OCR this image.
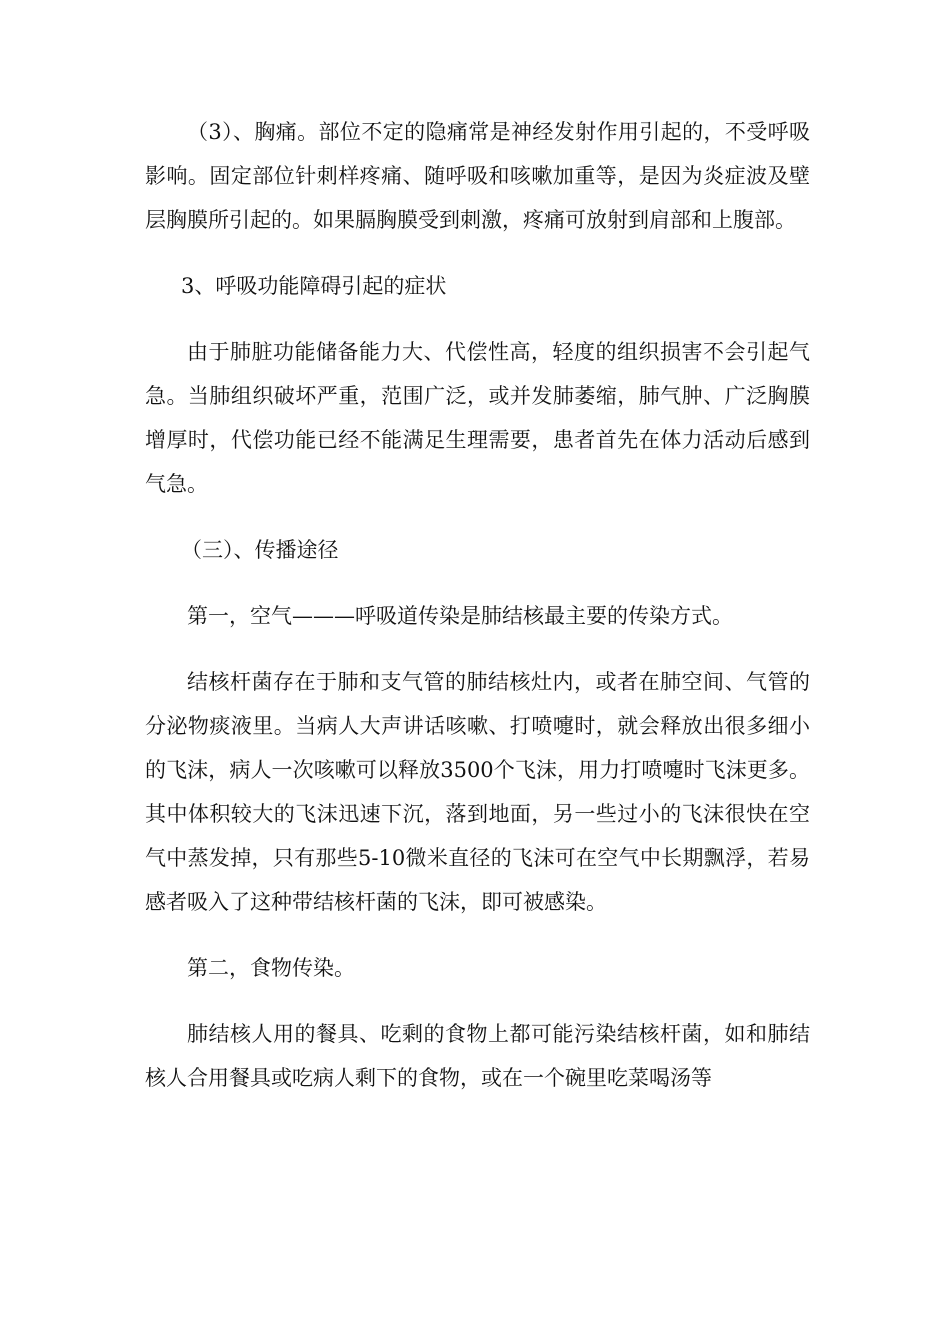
（3）、胸痛。部位不定的隐痛常是神经发射作用引起的，不受呼吸影响。固定部位针刺样疼痛、随呼吸和咳嗽加重等，是因为炎症波及壁层胸膜所引起的。如果膈胸膜受到刺激，疼痛可放射到肩部和上腹部。

3、呼吸功能障碍引起的症状

由于肺脏功能储备能力大、代偿性高，轻度的组织损害不会引起气急。当肺组织破坏严重，范围广泛，或并发肺萎缩，肺气肿、广泛胸膜增厚时，代偿功能已经不能满足生理需要，患者首先在体力活动后感到气急。

（三）、传播途径

第一，空气———呼吸道传染是肺结核最主要的传染方式。

结核杆菌存在于肺和支气管的肺结核灶内，或者在肺空间、气管的分泌物痰液里。当病人大声讲话咳嗽、打喷嚏时，就会释放出很多细小的飞沫，病人一次咳嗽可以释放3500个飞沫，用力打喷嚏时飞沫更多。其中体积较大的飞沫迅速下沉，落到地面，另一些过小的飞沫很快在空气中蒸发掉，只有那些5-10微米直径的飞沫可在空气中长期飘浮，若易感者吸入了这种带结核杆菌的飞沫，即可被感染。

第二，食物传染。

肺结核人用的餐具、吃剩的食物上都可能污染结核杆菌，如和肺结核人合用餐具或吃病人剩下的食物，或在一个碗里吃菜喝汤等
